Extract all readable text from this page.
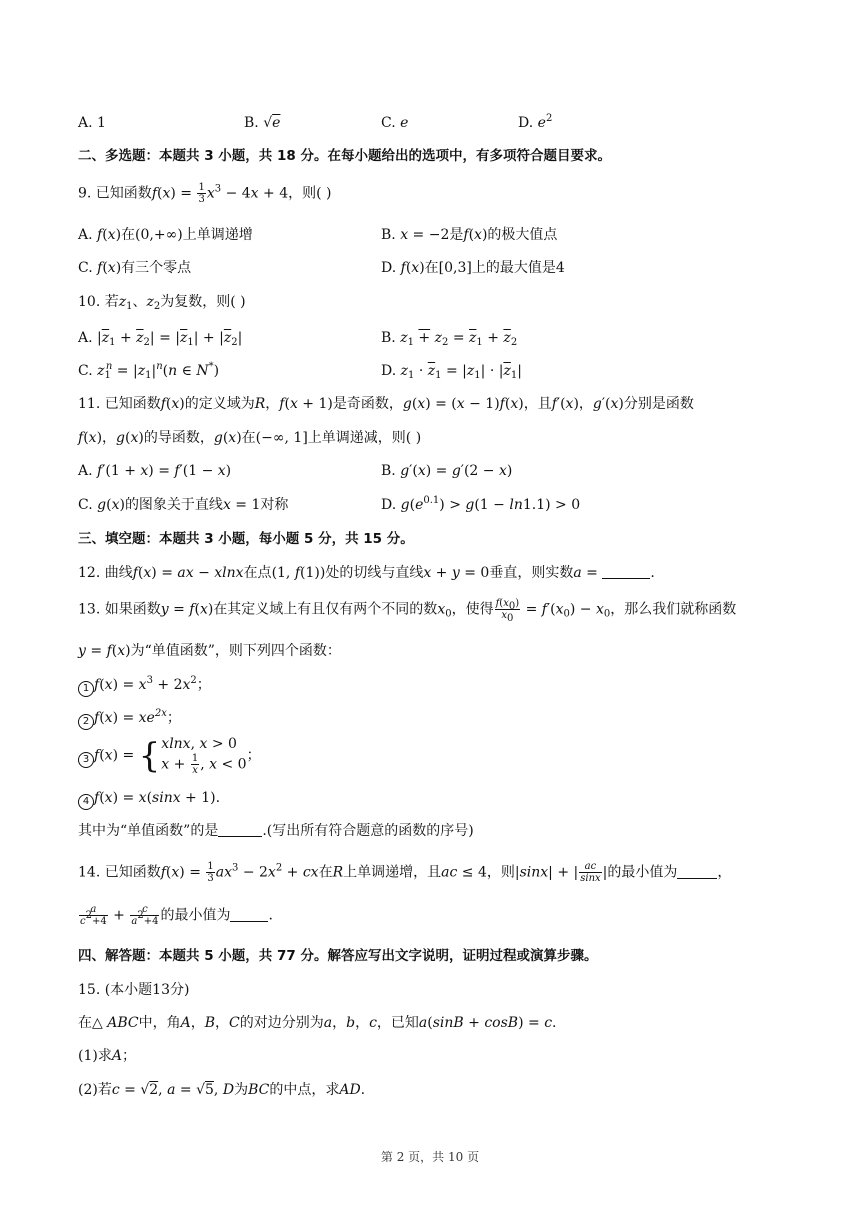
A. 1	B. √e	C. e	D. $e^2$
二、多选题：本题共 3 小题，共 18 分。在每小题给出的选项中，有多项符合题目要求。
9. 已知函数$f(x) = \frac{1}{3} x^3 - 4x + 4$，则( )
A. f(x)在(0,+∞)上单调递增	B. x = −2是f(x)的极大值点
C. f(x)有三个零点	D. f(x)在[0,3]上的最大值是4
10. 若$z_1$、$z_2$为复数，则( )
A. $|\overline{z}_1 + \overline{z}_2| = |\overline{z}_1| + |\overline{z}_2|$	B. $z_1 + z_2 = \overline{z}_1 + \overline{z}_2$
C. $z_1^n = |z_1|^n(n$ ∈ N*)	D. $z_1 \cdot \overline{z}_1 = |z_1| \cdot |\overline{z}_1|$
11. 已知函数f(x)的定义域为R，f(x + 1)是奇函数，g(x) = (x − 1)f(x)，且f′(x)，g′(x)分别是函数
f(x)，g(x)的导函数，g(x)在(−∞, 1]上单调递减，则( )
A. f′(1 + x) = f′(1 − x)	B. g′(x) = g′(2 − x)
C. g(x)的图象关于直线x = 1对称	D. $g(e^{0.1}) > g(1 - \ln 1.1) > 0$
三、填空题：本题共 3 小题，每小题 5 分，共 15 分。
12. 曲线f(x) = ax − xlnx在点(1, f(1))处的切线与直线x + y = 0垂直，则实数a =	.
13. 如果函数y = f(x)在其定义域上有且仅有两个不同的数$x_0$，使得 $\frac{f(x_0)}{x_0} = f'(x_0) - x_0$，那么我们就称函数
y = f(x)为“单值函数”，则下列四个函数：
1 $f(x) = x^3 + 2x^2$；
2 $f(x) = xe^{2x}$；
3 f(x) = { xlnx, x > 0
$x + \frac{1}{x}$ , x < 0
；
4 f(x) = x(sinx + 1).
其中为“单值函数”的是	.(写出所有符合题意的函数的序号)
14. 已知函数$f(x) = \frac{1}{3} ax^3 - 2x^2$ + cx在R上单调递增，且ac ≤ 4，则|sinx| + | $\frac{ac}{\sin x}$ |的最小值为	，
$\frac{a}{c^2+4} + \frac{c}{a^2+4}$ 的最小值为	.
四、解答题：本题共 5 小题，共 77 分。解答应写出文字说明，证明过程或演算步骤。
15. (本小题13分)
在△ ABC中，角A，B，C的对边分别为a，b，c，已知a(sinB + cosB) = c.
(1)求A；
(2)若c = √2, a = √5, D为BC的中点，求AD.
第 2 页，共 10 页
